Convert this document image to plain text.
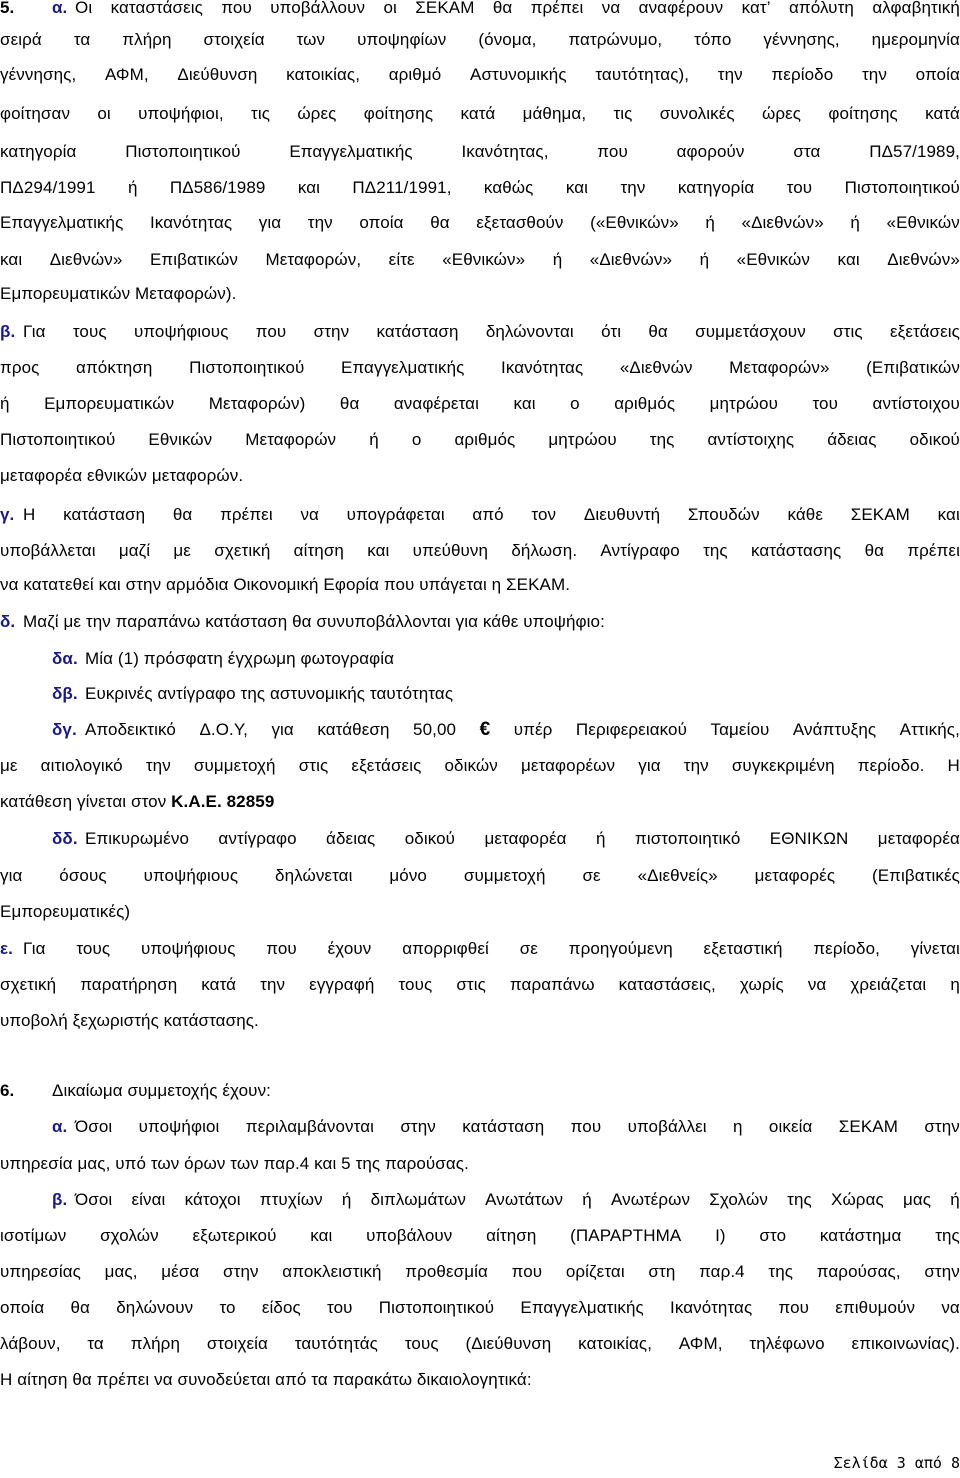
5. α. Οι καταστάσεις που υποβάλλουν οι ΣΕΚΑΜ θα πρέπει να αναφέρουν κατ’ απόλυτη αλφαβητική
σειρά τα πλήρη στοιχεία των υποψηφίων (όνομα, πατρώνυμο, τόπο γέννησης, ημερομηνία
γέννησης, ΑΦΜ, Διεύθυνση κατοικίας, αριθμό Αστυνομικής ταυτότητας), την περίοδο την οποία
φοίτησαν οι υποψήφιοι, τις ώρες φοίτησης κατά μάθημα, τις συνολικές ώρες φοίτησης κατά
κατηγορία	Πιστοποιητικού	Επαγγελματικής	Ικανότητας,	που	αφορούν	στα	ΠΔ57/1989,
ΠΔ294/1991 ή ΠΔ586/1989 και ΠΔ211/1991, καθώς και την κατηγορία του Πιστοποιητικού
Επαγγελματικής Ικανότητας για την οποία θα εξετασθούν («Εθνικών» ή «Διεθνών» ή «Εθνικών
και Διεθνών» Επιβατικών Μεταφορών, είτε «Εθνικών» ή «Διεθνών» ή «Εθνικών και Διεθνών»
Εμπορευματικών Μεταφορών).
β. Για τους υποψήφιους που στην κατάσταση δηλώνονται ότι θα συμμετάσχουν στις εξετάσεις
προς απόκτηση Πιστοποιητικού Επαγγελματικής Ικανότητας «Διεθνών Μεταφορών» (Επιβατικών
ή Εμπορευματικών Μεταφορών) θα αναφέρεται και ο αριθμός μητρώου του αντίστοιχου
Πιστοποιητικού Εθνικών Μεταφορών ή ο αριθμός μητρώου της αντίστοιχης άδειας οδικού
μεταφορέα εθνικών μεταφορών.
γ. Η κατάσταση θα πρέπει να υπογράφεται από τον Διευθυντή Σπουδών κάθε ΣΕΚΑΜ και
υποβάλλεται μαζί με σχετική αίτηση και υπεύθυνη δήλωση. Αντίγραφο της κατάστασης θα πρέπει
να κατατεθεί και στην αρμόδια Οικονομική Εφορία που υπάγεται η ΣΕΚΑΜ.
δ. Μαζί με την παραπάνω κατάσταση θα συνυποβάλλονται για κάθε υποψήφιο:
δα. Μία (1) πρόσφατη έγχρωμη φωτογραφία
δβ. Ευκρινές αντίγραφο της αστυνομικής ταυτότητας
δγ. Αποδεικτικό Δ.Ο.Υ, για κατάθεση 50,00 € υπέρ Περιφερειακού Ταμείου Ανάπτυξης Αττικής,
με αιτιολογικό την συμμετοχή στις εξετάσεις οδικών μεταφορέων για την συγκεκριμένη περίοδο. Η
κατάθεση γίνεται στον Κ.Α.Ε. 82859
δδ. Επικυρωμένο αντίγραφο άδειας οδικού μεταφορέα ή πιστοποιητικό ΕΘΝΙΚΩΝ μεταφορέα
για όσους υποψήφιους δηλώνεται μόνο συμμετοχή σε «Διεθνείς» μεταφορές (Επιβατικές
Εμπορευματικές)
ε. Για τους υποψήφιους που έχουν απορριφθεί σε προηγούμενη εξεταστική περίοδο, γίνεται
σχετική παρατήρηση κατά την εγγραφή τους στις παραπάνω καταστάσεις, χωρίς να χρειάζεται η
υποβολή ξεχωριστής κατάστασης.
6. Δικαίωμα συμμετοχής έχουν:
α. Όσοι υποψήφιοι περιλαμβάνονται στην κατάσταση που υποβάλλει η οικεία ΣΕΚΑΜ στην
υπηρεσία μας, υπό των όρων των παρ.4 και 5 της παρούσας.
β. Όσοι είναι κάτοχοι πτυχίων ή διπλωμάτων Ανωτάτων ή Ανωτέρων Σχολών της Χώρας μας ή
ισοτίμων σχολών εξωτερικού και υποβάλουν αίτηση (ΠΑΡΑΡΤΗΜΑ Ι) στο κατάστημα της
υπηρεσίας μας, μέσα στην αποκλειστική προθεσμία που ορίζεται στη παρ.4 της παρούσας, στην
οποία θα δηλώνουν το είδος του Πιστοποιητικού Επαγγελματικής Ικανότητας που επιθυμούν να
λάβουν, τα πλήρη στοιχεία ταυτότητάς τους (Διεύθυνση κατοικίας, ΑΦΜ, τηλέφωνο επικοινωνίας).
Η αίτηση θα πρέπει να συνοδεύεται από τα παρακάτω δικαιολογητικά:
Σελίδα 3 από 8
